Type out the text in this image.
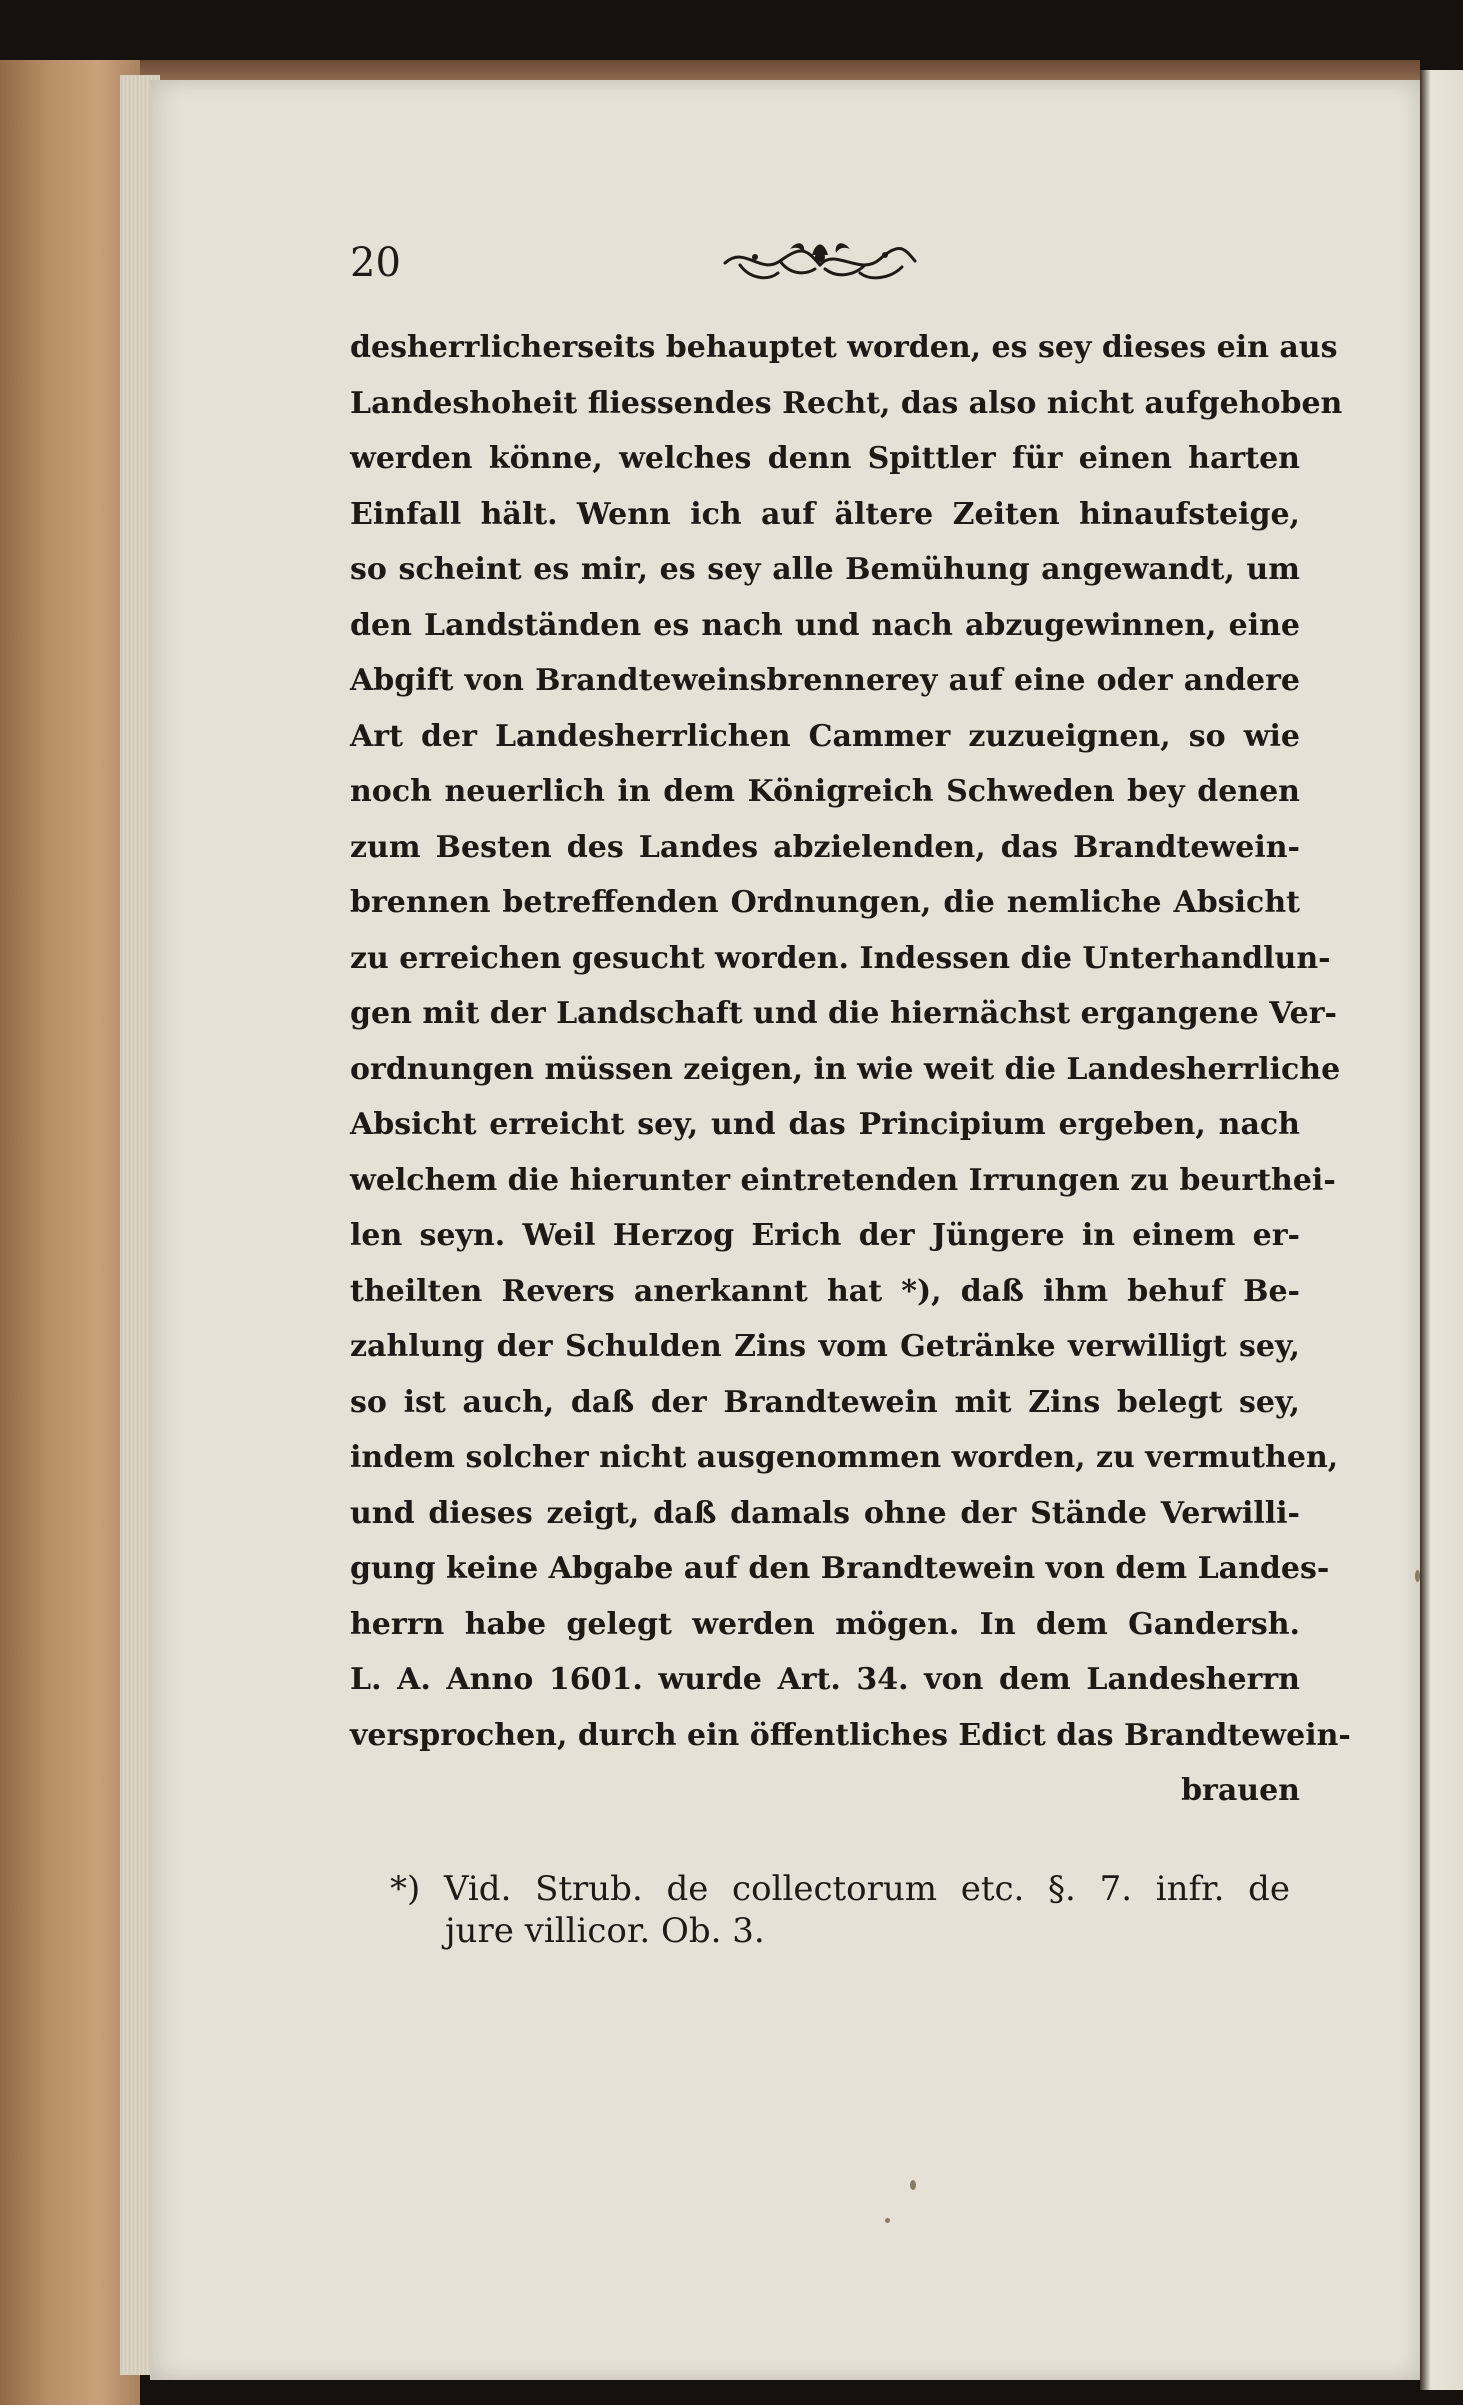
20
desherrlicherseits behauptet worden, es sey dieses ein aus
Landeshoheit fliessendes Recht, das also nicht aufgehoben
werden könne, welches denn Spittler für einen harten
Einfall hält. Wenn ich auf ältere Zeiten hinaufsteige,
so scheint es mir, es sey alle Bemühung angewandt, um
den Landständen es nach und nach abzugewinnen, eine
Abgift von Brandteweinsbrennerey auf eine oder andere
Art der Landesherrlichen Cammer zuzueignen, so wie
noch neuerlich in dem Königreich Schweden bey denen
zum Besten des Landes abzielenden, das Brandtewein-
brennen betreffenden Ordnungen, die nemliche Absicht
zu erreichen gesucht worden. Indessen die Unterhandlun-
gen mit der Landschaft und die hiernächst ergangene Ver-
ordnungen müssen zeigen, in wie weit die Landesherrliche
Absicht erreicht sey, und das Principium ergeben, nach
welchem die hierunter eintretenden Irrungen zu beurthei-
len seyn. Weil Herzog Erich der Jüngere in einem er-
theilten Revers anerkannt hat *), daß ihm behuf Be-
zahlung der Schulden Zins vom Getränke verwilligt sey,
so ist auch, daß der Brandtewein mit Zins belegt sey,
indem solcher nicht ausgenommen worden, zu vermuthen,
und dieses zeigt, daß damals ohne der Stände Verwilli-
gung keine Abgabe auf den Brandtewein von dem Landes-
herrn habe gelegt werden mögen. In dem Gandersh.
L. A. Anno 1601. wurde Art. 34. von dem Landesherrn
versprochen, durch ein öffentliches Edict das Brandtewein-
brauen
*) Vid. Strub. de collectorum etc. §. 7. infr. de
jure villicor. Ob. 3.
